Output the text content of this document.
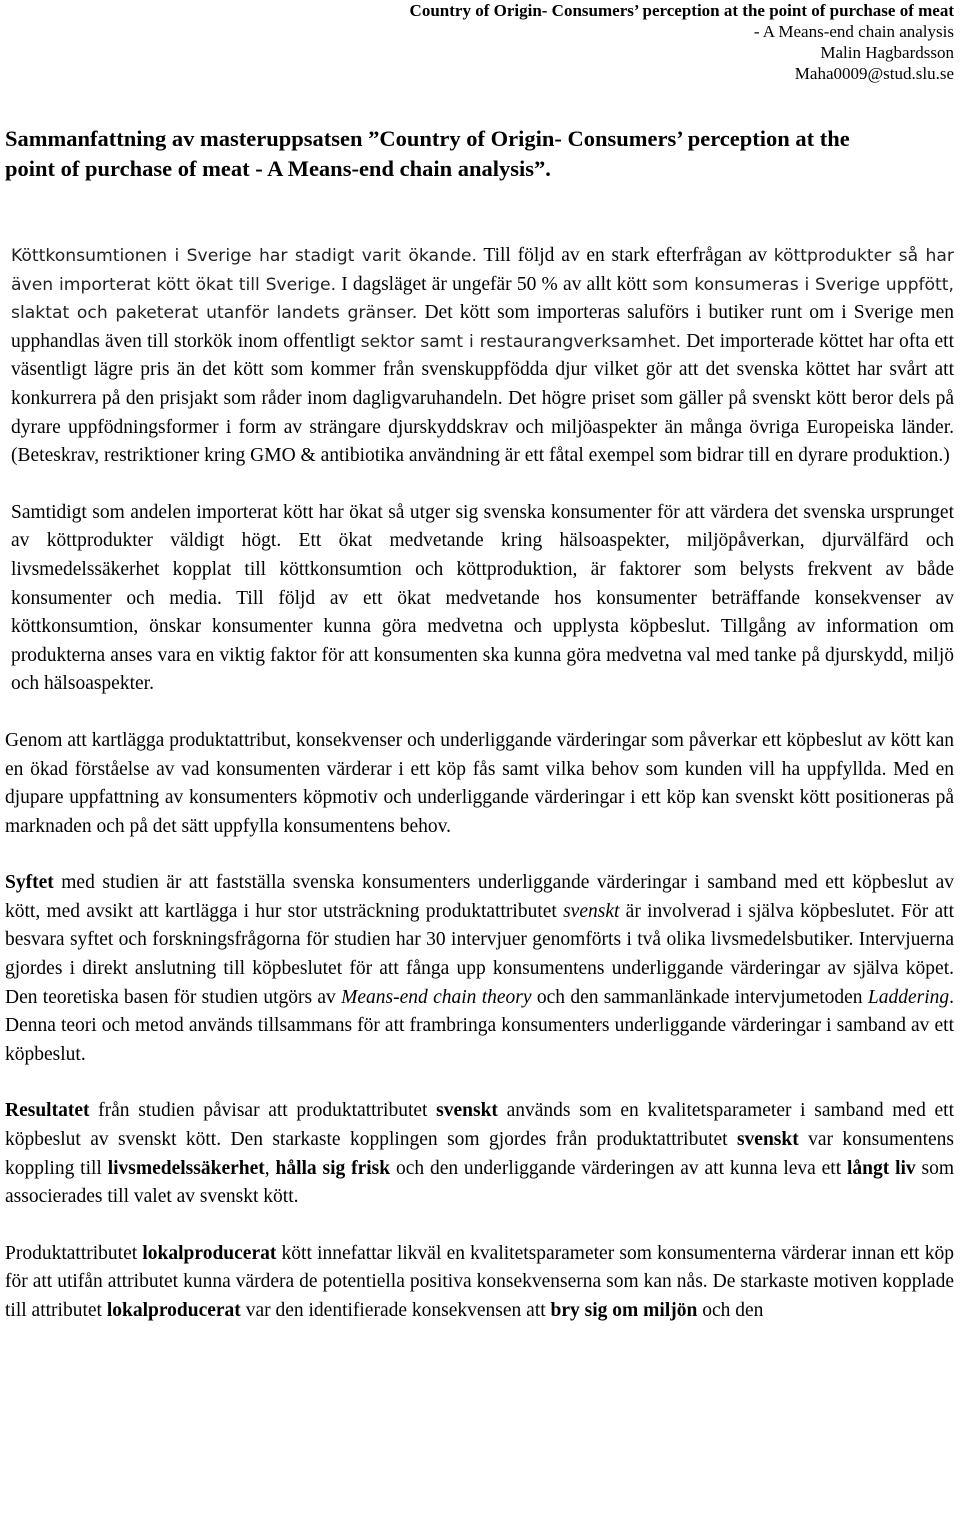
Country of Origin- Consumers’ perception at the point of purchase of meat
- A Means-end chain analysis
Malin Hagbardsson
Maha0009@stud.slu.se
Sammanfattning av masteruppsatsen ”Country of Origin- Consumers’ perception at the
point of purchase of meat - A Means-end chain analysis”.

Köttkonsumtionen i Sverige har stadigt varit ökande. Till följd av en stark efterfrågan av köttprodukter så har även importerat kött ökat till Sverige. I dagsläget är ungefär 50 % av allt kött som konsumeras i Sverige uppfött, slaktat och paketerat utanför landets gränser. Det kött som importeras saluförs i butiker runt om i Sverige men upphandlas även till storkök inom offentligt sektor samt i restaurangverksamhet. Det importerade köttet har ofta ett väsentligt lägre pris än det kött som kommer från svenskuppfödda djur vilket gör att det svenska köttet har svårt att konkurrera på den prisjakt som råder inom dagligvaruhandeln. Det högre priset som gäller på svenskt kött beror dels på dyrare uppfödningsformer i form av strängare djurskyddskrav och miljöaspekter än många övriga Europeiska länder. (Beteskrav, restriktioner kring GMO & antibiotika användning är ett fåtal exempel som bidrar till en dyrare produktion.)

Samtidigt som andelen importerat kött har ökat så utger sig svenska konsumenter för att värdera det svenska ursprunget av köttprodukter väldigt högt. Ett ökat medvetande kring hälsoaspekter, miljöpåverkan, djurvälfärd och livsmedelssäkerhet kopplat till köttkonsumtion och köttproduktion, är faktorer som belysts frekvent av både konsumenter och media. Till följd av ett ökat medvetande hos konsumenter beträffande konsekvenser av köttkonsumtion, önskar konsumenter kunna göra medvetna och upplysta köpbeslut. Tillgång av information om produkterna anses vara en viktig faktor för att konsumenten ska kunna göra medvetna val med tanke på djurskydd, miljö och hälsoaspekter.

Genom att kartlägga produktattribut, konsekvenser och underliggande värderingar som påverkar ett köpbeslut av kött kan en ökad förståelse av vad konsumenten värderar i ett köp fås samt vilka behov som kunden vill ha uppfyllda. Med en djupare uppfattning av konsumenters köpmotiv och underliggande värderingar i ett köp kan svenskt kött positioneras på marknaden och på det sätt uppfylla konsumentens behov.

Syftet med studien är att fastställa svenska konsumenters underliggande värderingar i samband med ett köpbeslut av kött, med avsikt att kartlägga i hur stor utsträckning produktattributet svenskt är involverad i själva köpbeslutet. För att besvara syftet och forskningsfrågorna för studien har 30 intervjuer genomförts i två olika livsmedelsbutiker. Intervjuerna gjordes i direkt anslutning till köpbeslutet för att fånga upp konsumentens underliggande värderingar av själva köpet. Den teoretiska basen för studien utgörs av Means-end chain theory och den sammanlänkade intervjumetoden Laddering. Denna teori och metod används tillsammans för att frambringa konsumenters underliggande värderingar i samband av ett köpbeslut.

Resultatet från studien påvisar att produktattributet svenskt används som en kvalitetsparameter i samband med ett köpbeslut av svenskt kött. Den starkaste kopplingen som gjordes från produktattributet svenskt var konsumentens koppling till livsmedelssäkerhet, hålla sig frisk och den underliggande värderingen av att kunna leva ett långt liv som associerades till valet av svenskt kött.

Produktattributet lokalproducerat kött innefattar likväl en kvalitetsparameter som konsumenterna värderar innan ett köp för att utifån attributet kunna värdera de potentiella positiva konsekvenserna som kan nås. De starkaste motiven kopplade till attributet lokalproducerat var den identifierade konsekvensen att bry sig om miljön och den
